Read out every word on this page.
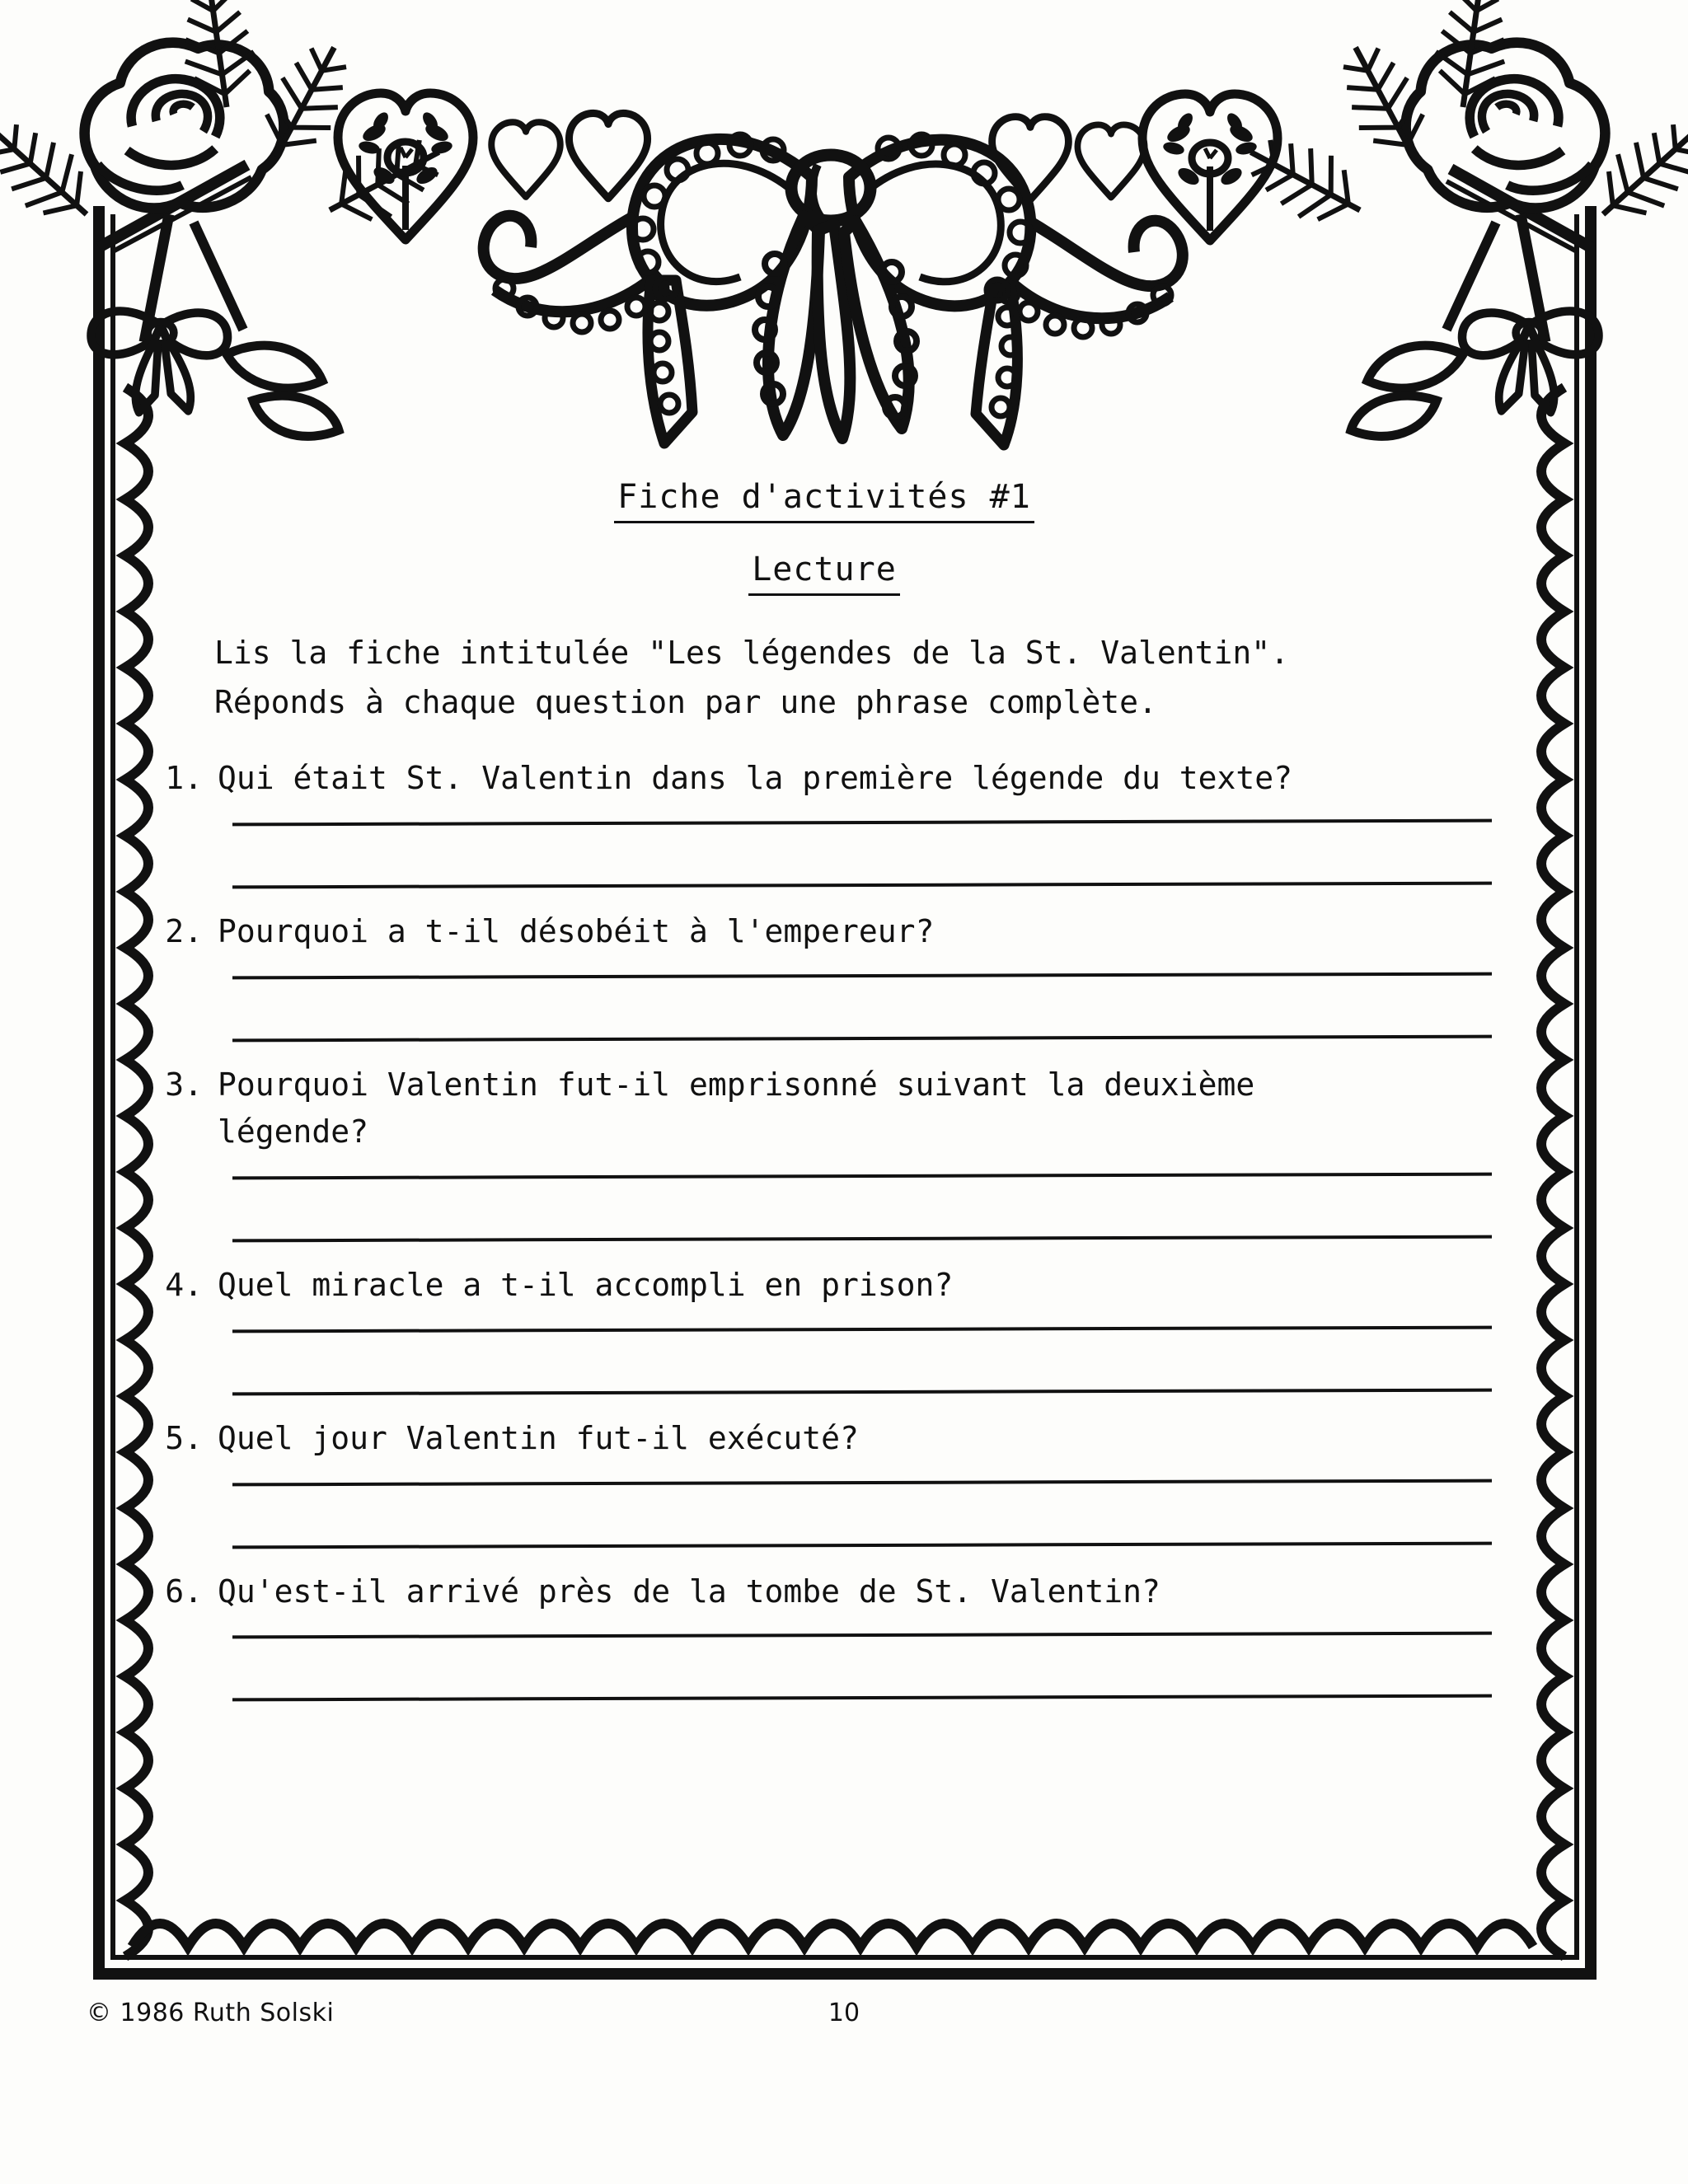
Fiche d'activités #1
Lecture
Lis la fiche intitulée "Les légendes de la St. Valentin".
Réponds à chaque question par une phrase complète.
1. Qui était St. Valentin dans la première légende du texte?
2. Pourquoi a t-il désobéit à l'empereur?
3. Pourquoi Valentin fut-il emprisonné suivant la deuxième
légende?
4. Quel miracle a t-il accompli en prison?
5. Quel jour Valentin fut-il exécuté?
6. Qu'est-il arrivé près de la tombe de St. Valentin?
© 1986 Ruth Solski	10
